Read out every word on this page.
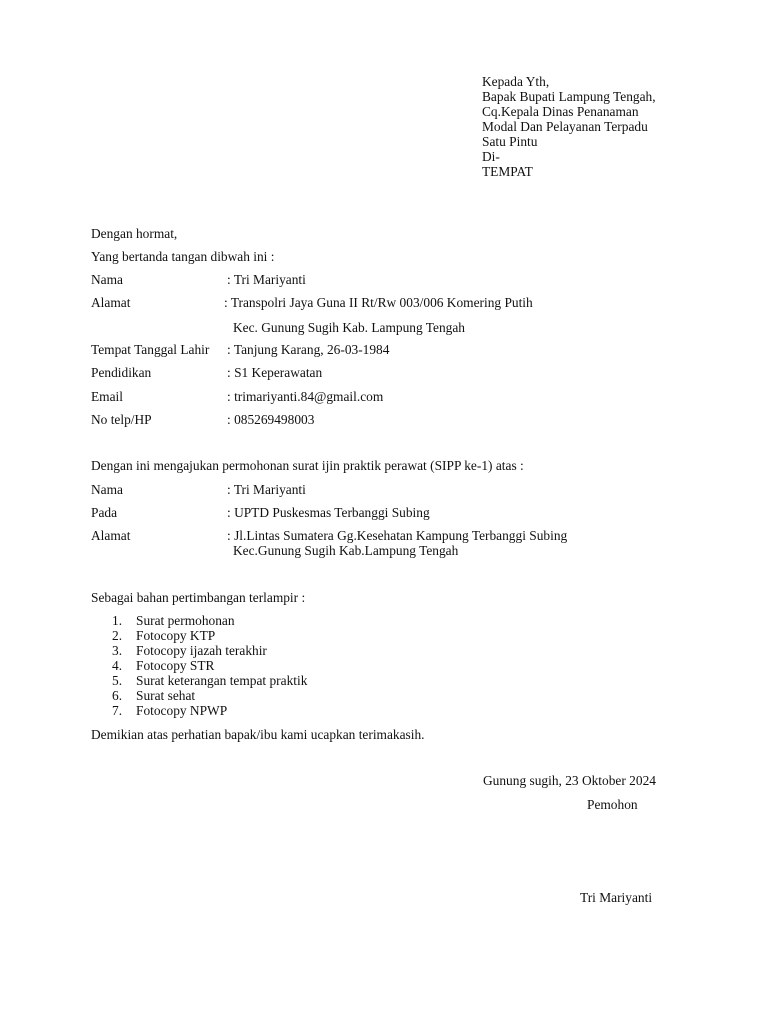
Kepada Yth,
Bapak Bupati Lampung Tengah,
Cq.Kepala Dinas Penanaman
Modal Dan Pelayanan Terpadu
Satu Pintu
Di-
TEMPAT
Dengan hormat,
Yang bertanda tangan dibwah ini :
Nama	: Tri Mariyanti
Alamat	: Transpolri Jaya Guna II Rt/Rw 003/006 Komering Putih
Kec. Gunung Sugih Kab. Lampung Tengah
Tempat Tanggal Lahir : Tanjung Karang, 26-03-1984
Pendidikan	: S1 Keperawatan
Email	: trimariyanti.84@gmail.com
No telp/HP	: 085269498003
Dengan ini mengajukan permohonan surat ijin praktik perawat (SIPP ke-1) atas :
Nama	: Tri Mariyanti
Pada	: UPTD Puskesmas Terbanggi Subing
Alamat	: Jl.Lintas Sumatera Gg.Kesehatan Kampung Terbanggi Subing
Kec.Gunung Sugih Kab.Lampung Tengah
Sebagai bahan pertimbangan terlampir :
1. Surat permohonan
2. Fotocopy KTP
3. Fotocopy ijazah terakhir
4. Fotocopy STR
5. Surat keterangan tempat praktik
6. Surat sehat
7. Fotocopy NPWP
Demikian atas perhatian bapak/ibu kami ucapkan terimakasih.
Gunung sugih, 23 Oktober 2024
Pemohon
Tri Mariyanti
